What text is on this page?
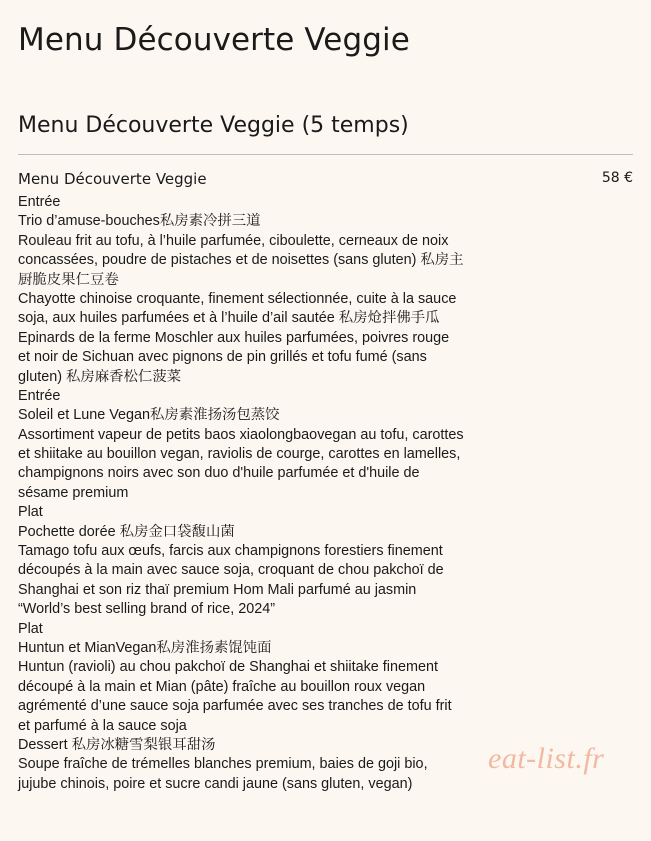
Menu Découverte Veggie
Menu Découverte Veggie (5 temps)
Menu Découverte Veggie	58 €
Entrée
Trio d’amuse-bouches私房素冷拼三道
Rouleau frit au tofu, à l’huile parfumée, ciboulette, cerneaux de noix
concassées, poudre de pistaches et de noisettes (sans gluten) 私房主
厨脆皮果仁豆卷
Chayotte chinoise croquante, finement sélectionnée, cuite à la sauce
soja, aux huiles parfumées et à l’huile d’ail sautée 私房炝拌佛手瓜
Epinards de la ferme Moschler aux huiles parfumées, poivres rouge
et noir de Sichuan avec pignons de pin grillés et tofu fumé (sans
gluten) 私房麻香松仁菠菜
Entrée
Soleil et Lune Vegan私房素淮扬汤包蒸饺
Assortiment vapeur de petits baos xiaolongbaovegan au tofu, carottes
et shiitake au bouillon vegan, raviolis de courge, carottes en lamelles,
champignons noirs avec son duo d'huile parfumée et d'huile de
sésame premium
Plat
Pochette dorée 私房金口袋馥山菌
Tamago tofu aux œufs, farcis aux champignons forestiers finement
découpés à la main avec sauce soja, croquant de chou pakchoï de
Shanghai et son riz thaï premium Hom Mali parfumé au jasmin
“World’s best selling brand of rice, 2024”
Plat
Huntun et MianVegan私房淮扬素馄饨面
Huntun (ravioli) au chou pakchoï de Shanghai et shiitake finement
découpé à la main et Mian (pâte) fraîche au bouillon roux vegan
agrémenté d’une sauce soja parfumée avec ses tranches de tofu frit
et parfumé à la sauce soja
Dessert 私房冰糖雪梨银耳甜汤
Soupe fraîche de trémelles blanches premium, baies de goji bio,
jujube chinois, poire et sucre candi jaune (sans gluten, vegan)
eat-list.fr
